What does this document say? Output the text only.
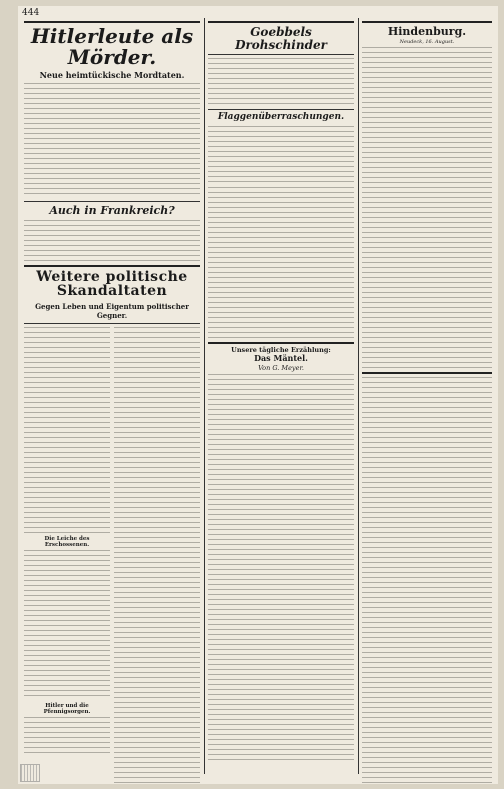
444
Hitlerleute als Mörder.
Neue heimtückische Mordtaten.
Auch in Frankreich?
Weitere politische Skandaltaten
Gegen Leben und Eigentum politischer Gegner.
Die Leiche des Erschossenen.
Hitler und die Pfennigsorgen.
Goebbels Drohschinder
Flaggenüberraschungen.
Unsere tägliche Erzählung:
Das Mäntel.
Von G. Meyer.
Hindenburg.
Neudeck, 16. August.
